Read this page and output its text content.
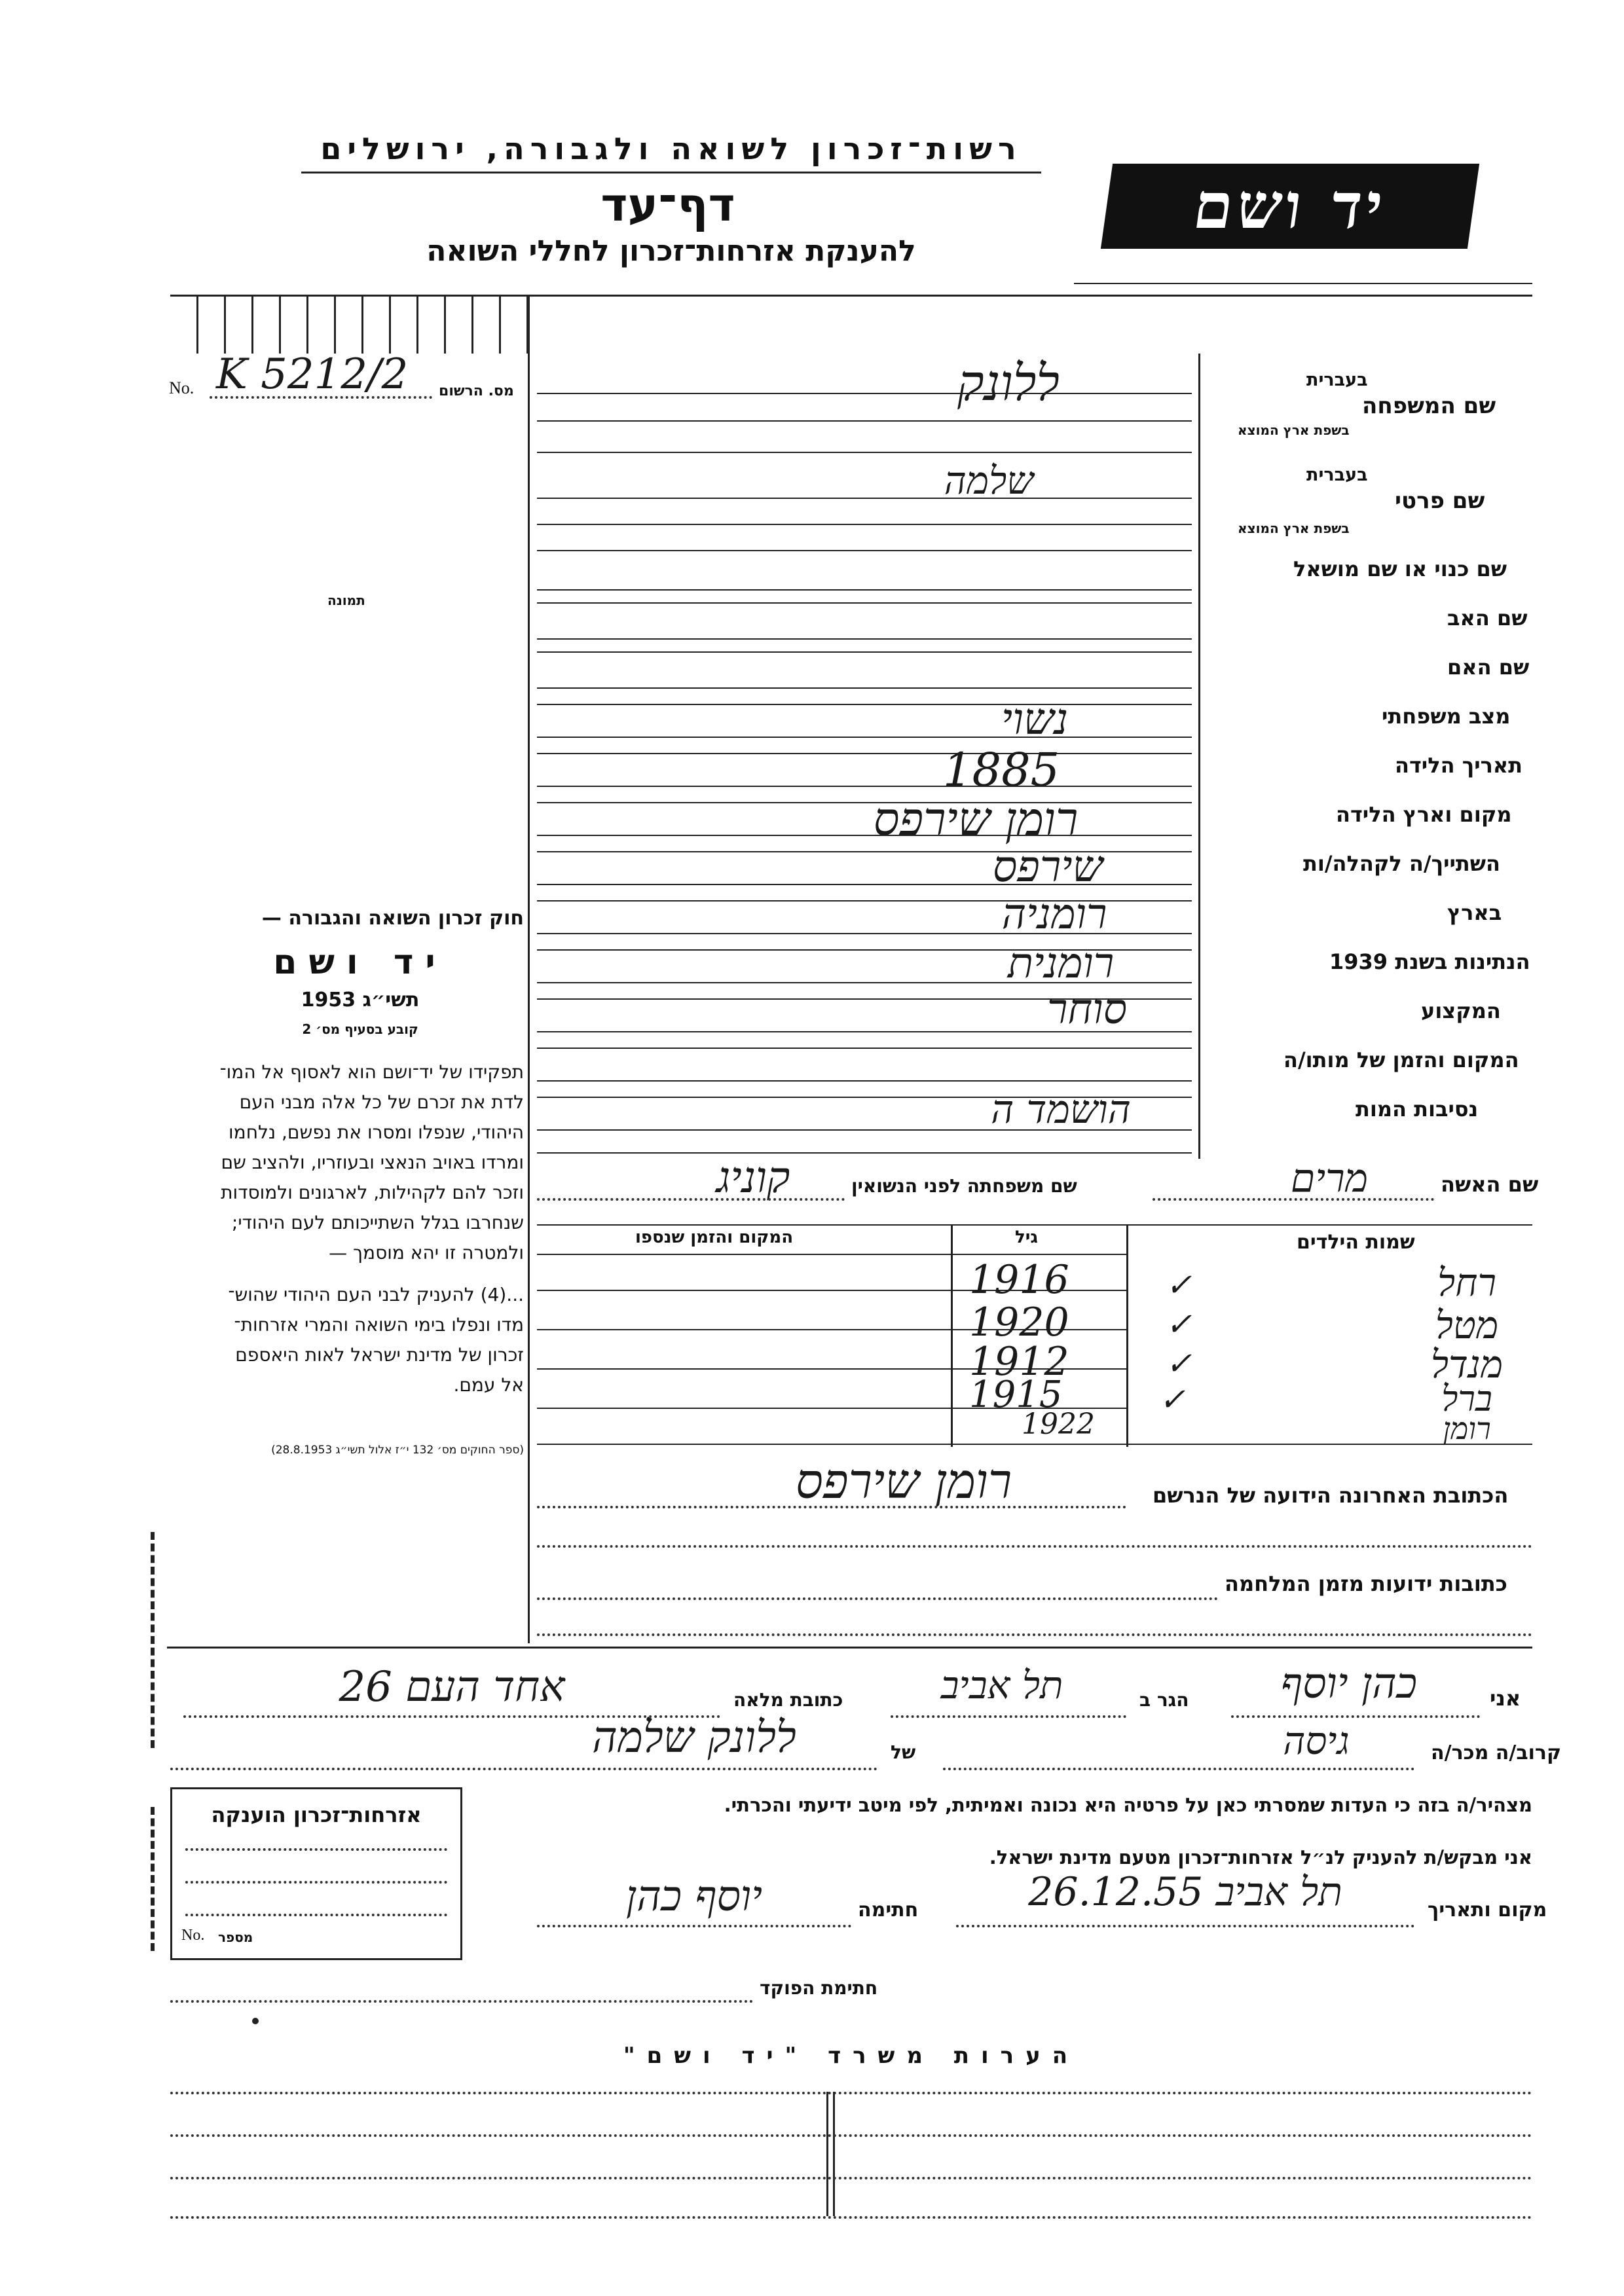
רשות־זכרון לשואה ולגבורה, ירושלים
דף־עד
להענקת אזרחות־זכרון לחללי השואה
יד ושם
No. K 5212/2 מס. הרשום
תמונה
בעברית
שם המשפחה
בשפת ארץ המוצא
ללונק
בעברית
שם פרטי
בשפת ארץ המוצא
שלמה
שם כנוי או שם מושאל
שם האב
שם האם
מצב משפחתי
נשוי
תאריך הלידה
1885
מקום וארץ הלידה
רומן שירפס
השתייך/ה לקהלה/ות
שירפס
בארץ
רומניה
הנתינות בשנת 1939
רומנית
המקצוע
סוחר
המקום והזמן של מותו/ה
נסיבות המות
הושמד ה
שם האשה
מרים
שם משפחתה לפני הנשואין
קוניג
שמות הילדים
גיל
המקום והזמן שנספו
רחל
1916
מטל
1920
מנדל
1912
ברל
1915
רומן
1922
✓
✓
✓
✓
הכתובת האחרונה הידועה של הנרשם
רומן שירפס
כתובות ידועות מזמן המלחמה
חוק זכרון השואה והגבורה —
יד ושם
תשי״ג 1953
קובע בסעיף מס׳ 2
תפקידו של יד־ושם הוא לאסוף אל המו־
לדת את זכרם של כל אלה מבני העם
היהודי, שנפלו ומסרו את נפשם, נלחמו
ומרדו באויב הנאצי ובעוזריו, ולהציב שם
וזכר להם לקהילות, לארגונים ולמוסדות
שנחרבו בגלל השתייכותם לעם היהודי;
ולמטרה זו יהא מוסמך —
...(4) להעניק לבני העם היהודי שהוש־
מדו ונפלו בימי השואה והמרי אזרחות־
זכרון של מדינת ישראל לאות היאספם
אל עמם.
(ספר החוקים מס׳ 132 י״ז אלול תשי״ג 28.8.1953)
אני
כהן יוסף
הגר ב
תל אביב
כתובת מלאה
אחד העם 26
קרוב/ה מכר/ה
גיסה
של
ללונק שלמה
מצהיר/ה בזה כי העדות שמסרתי כאן על פרטיה היא נכונה ואמיתית, לפי מיטב ידיעתי והכרתי.
אני מבקש/ת להעניק לנ״ל אזרחות־זכרון מטעם מדינת ישראל.
מקום ותאריך
תל אביב 26.12.55
חתימה
יוסף כהן
חתימת הפוקד
אזרחות־זכרון הוענקה
No. מספר
הערות משרד "יד ושם"
